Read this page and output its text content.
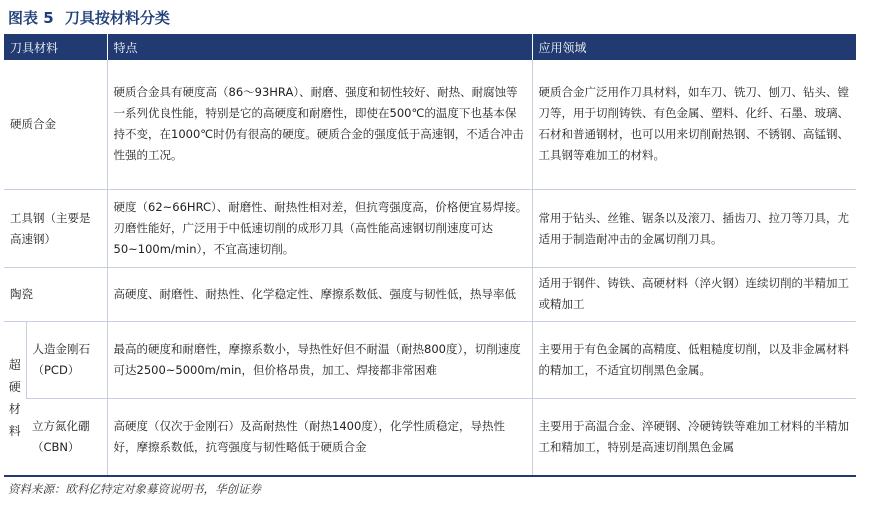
图表 5 刀具按材料分类
刀具材料		特点	应用领域
硬质合金		硬质合金具有硬度高（86～93HRA）、耐磨、强度和韧性较好、耐热、耐腐蚀等一系列优良性能，特别是它的高硬度和耐磨性，即使在500℃的温度下也基本保持不变，在1000℃时仍有很高的硬度。硬质合金的强度低于高速钢，不适合冲击性强的工况。	硬质合金广泛用作刀具材料，如车刀、铣刀、刨刀、钻头、镗刀等，用于切削铸铁、有色金属、塑料、化纤、石墨、玻璃、石材和普通钢材，也可以用来切削耐热钢、不锈钢、高锰钢、工具钢等难加工的材料。
工具钢（主要是高速钢）		硬度（62~66HRC）、耐磨性、耐热性相对差，但抗弯强度高，价格便宜易焊接。刃磨性能好，广泛用于中低速切削的成形刀具（高性能高速钢切削速度可达50~100m/min），不宜高速切削。	常用于钻头、丝锥、锯条以及滚刀、插齿刀、拉刀等刀具，尤适用于制造耐冲击的金属切削刀具。
陶瓷		高硬度、耐磨性、耐热性、化学稳定性、摩擦系数低、强度与韧性低，热导率低	适用于钢件、铸铁、高硬材料（淬火钢）连续切削的半精加工或精加工

超硬材料	人造金刚石（PCD）	最高的硬度和耐磨性，摩擦系数小，导热性好但不耐温（耐热800度），切削速度可达2500~5000m/min，但价格昂贵，加工、焊接都非常困难	主要用于有色金属的高精度、低粗糙度切削，以及非金属材料的精加工，不适宜切削黑色金属。
	立方氮化硼（CBN）	高硬度（仅次于金刚石）及高耐热性（耐热1400度），化学性质稳定，导热性好，摩擦系数低，抗弯强度与韧性略低于硬质合金	主要用于高温合金、淬硬钢、冷硬铸铁等难加工材料的半精加工和精加工，特别是高速切削黑色金属
资料来源：欧科亿特定对象募资说明书，华创证券
